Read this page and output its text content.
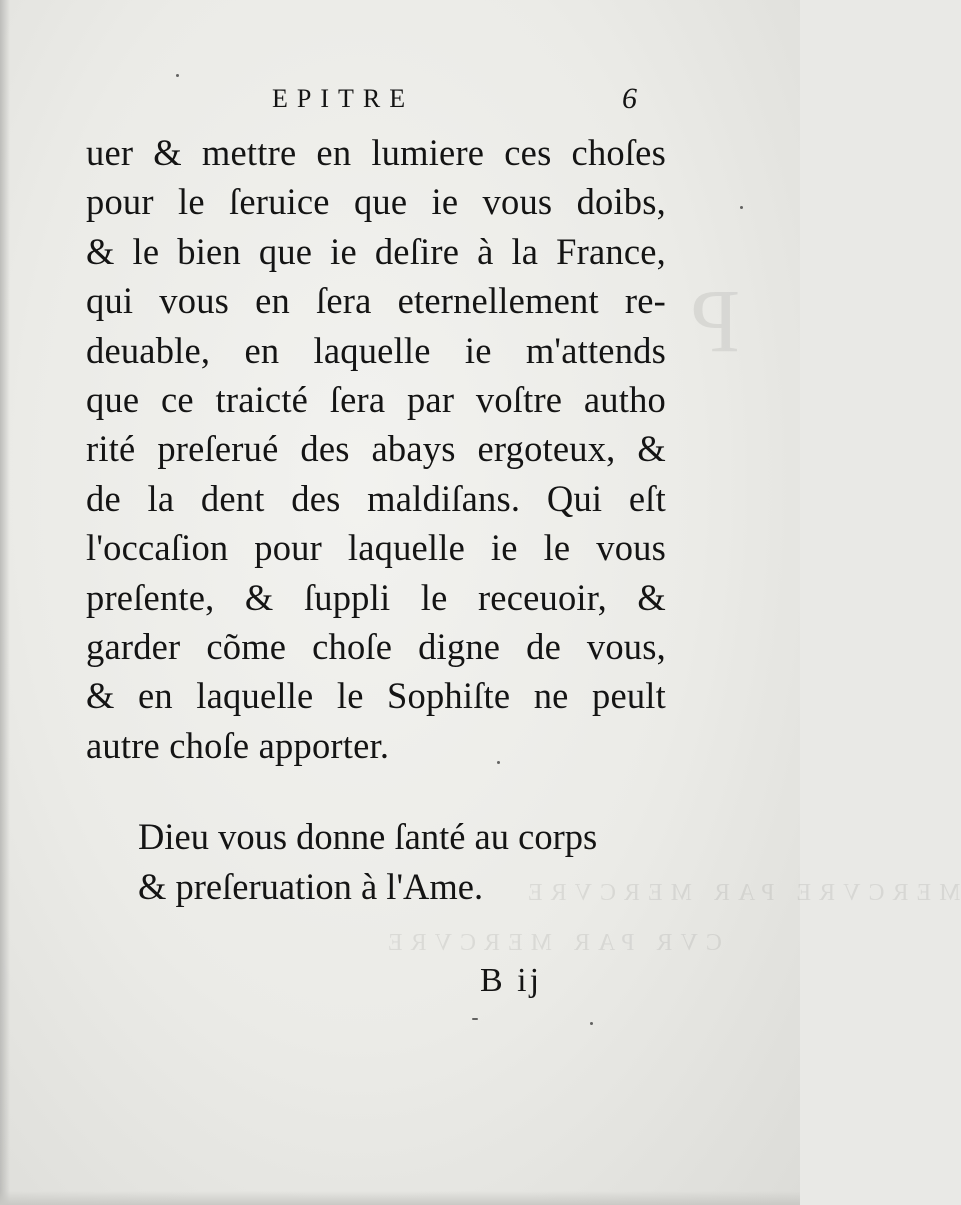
P
MERCVRE PAR MERCVRE
CVR PAR MERCVRE
EPITRE	6
uer & mettre en lumiere ces choſes
pour le ſeruice que ie vous doibs,
& le bien que ie deſire à la France,
qui vous en ſera eternellement re-
deuable, en laquelle ie m'attends
que ce traicté ſera par voſtre autho
rité preſerué des abays ergoteux, &
de la dent des maldiſans. Qui eſt
l'occaſion pour laquelle ie le vous
preſente, & ſuppli le receuoir, &
garder cõme choſe digne de vous,
& en laquelle le Sophiſte ne peult
autre choſe apporter.
Dieu vous donne ſanté au corps
& preſeruation à l'Ame.
B ij
